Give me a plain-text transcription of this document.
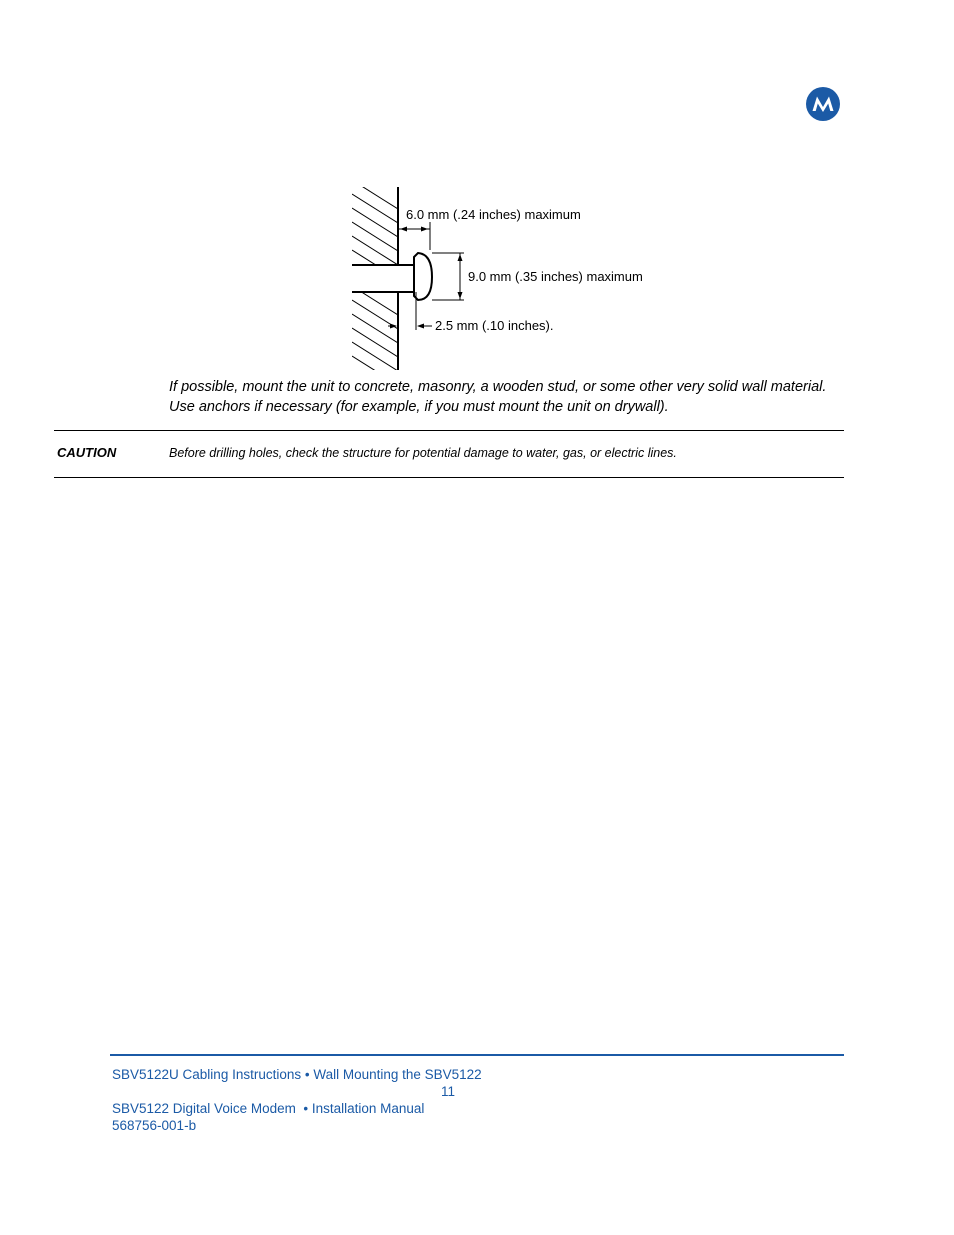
6.0 mm (.24 inches) maximum
9.0 mm (.35 inches) maximum
2.5 mm (.10 inches).

If possible, mount the unit to concrete, masonry, a wooden stud, or some other very solid wall material. Use anchors if necessary (for example, if you must mount the unit on drywall).

CAUTION	Before drilling holes, check the structure for potential damage to water, gas, or electric lines.

SBV5122U Cabling Instructions • Wall Mounting the SBV5122

11

SBV5122 Digital Voice Modem  • Installation Manual

568756-001-b
